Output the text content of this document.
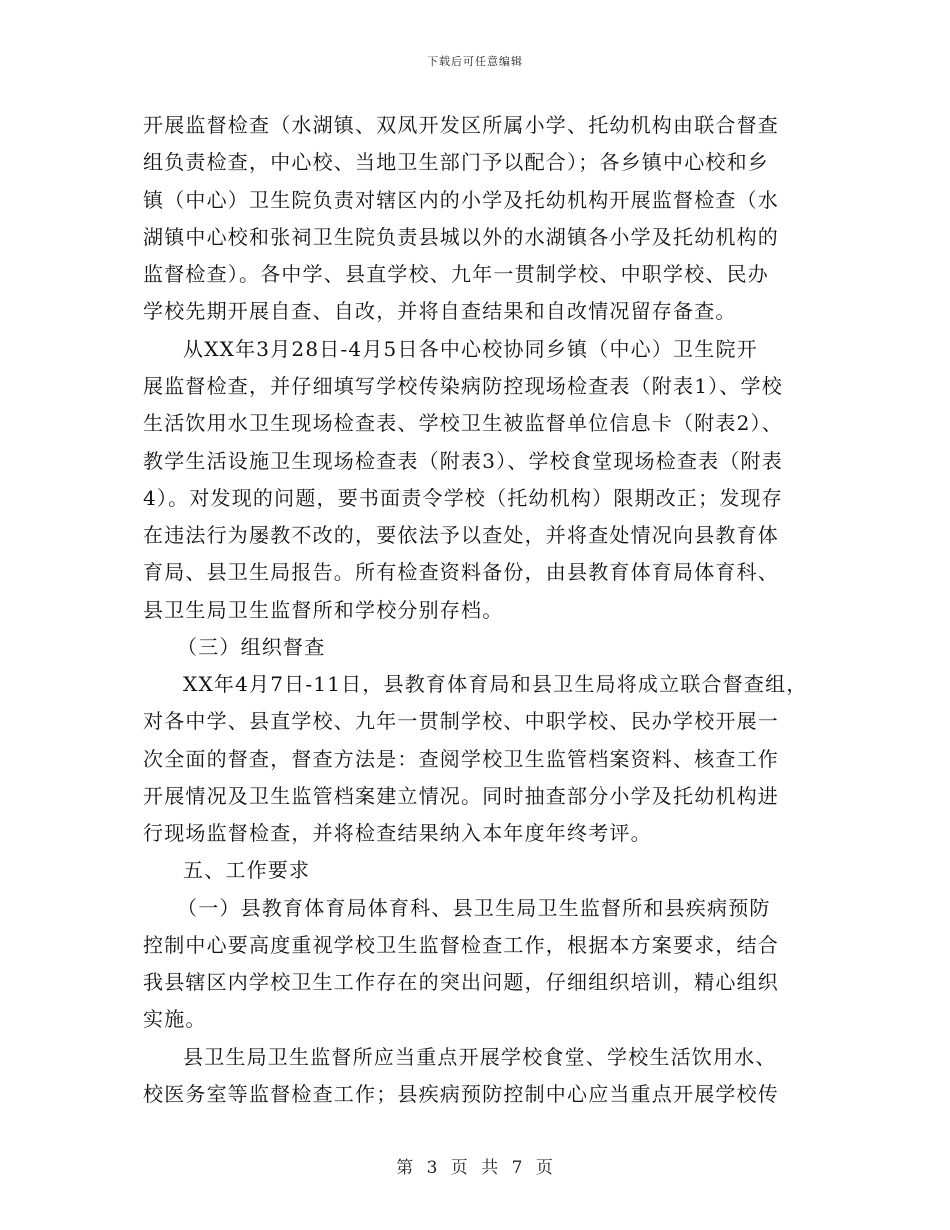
下载后可任意编辑
开展监督检查（水湖镇、双凤开发区所属小学、托幼机构由联合督查
组负责检查，中心校、当地卫生部门予以配合）；各乡镇中心校和乡
镇（中心）卫生院负责对辖区内的小学及托幼机构开展监督检查（水
湖镇中心校和张祠卫生院负责县城以外的水湖镇各小学及托幼机构的
监督检查）。各中学、县直学校、九年一贯制学校、中职学校、民办
学校先期开展自查、自改，并将自查结果和自改情况留存备查。
从XX年3月28日-4月5日各中心校协同乡镇（中心）卫生院开
展监督检查，并仔细填写学校传染病防控现场检查表（附表1）、学校
生活饮用水卫生现场检查表、学校卫生被监督单位信息卡（附表2）、
教学生活设施卫生现场检查表（附表3）、学校食堂现场检查表（附表
4）。对发现的问题，要书面责令学校（托幼机构）限期改正；发现存
在违法行为屡教不改的，要依法予以查处，并将查处情况向县教育体
育局、县卫生局报告。所有检查资料备份，由县教育体育局体育科、
县卫生局卫生监督所和学校分别存档。
（三）组织督查
XX年4月7日-11日，县教育体育局和县卫生局将成立联合督查组，
对各中学、县直学校、九年一贯制学校、中职学校、民办学校开展一
次全面的督查，督查方法是：查阅学校卫生监管档案资料、核查工作
开展情况及卫生监管档案建立情况。同时抽查部分小学及托幼机构进
行现场监督检查，并将检查结果纳入本年度年终考评。
五、工作要求
（一）县教育体育局体育科、县卫生局卫生监督所和县疾病预防
控制中心要高度重视学校卫生监督检查工作，根据本方案要求，结合
我县辖区内学校卫生工作存在的突出问题，仔细组织培训，精心组织
实施。
县卫生局卫生监督所应当重点开展学校食堂、学校生活饮用水、
校医务室等监督检查工作；县疾病预防控制中心应当重点开展学校传
第 3 页 共 7 页
